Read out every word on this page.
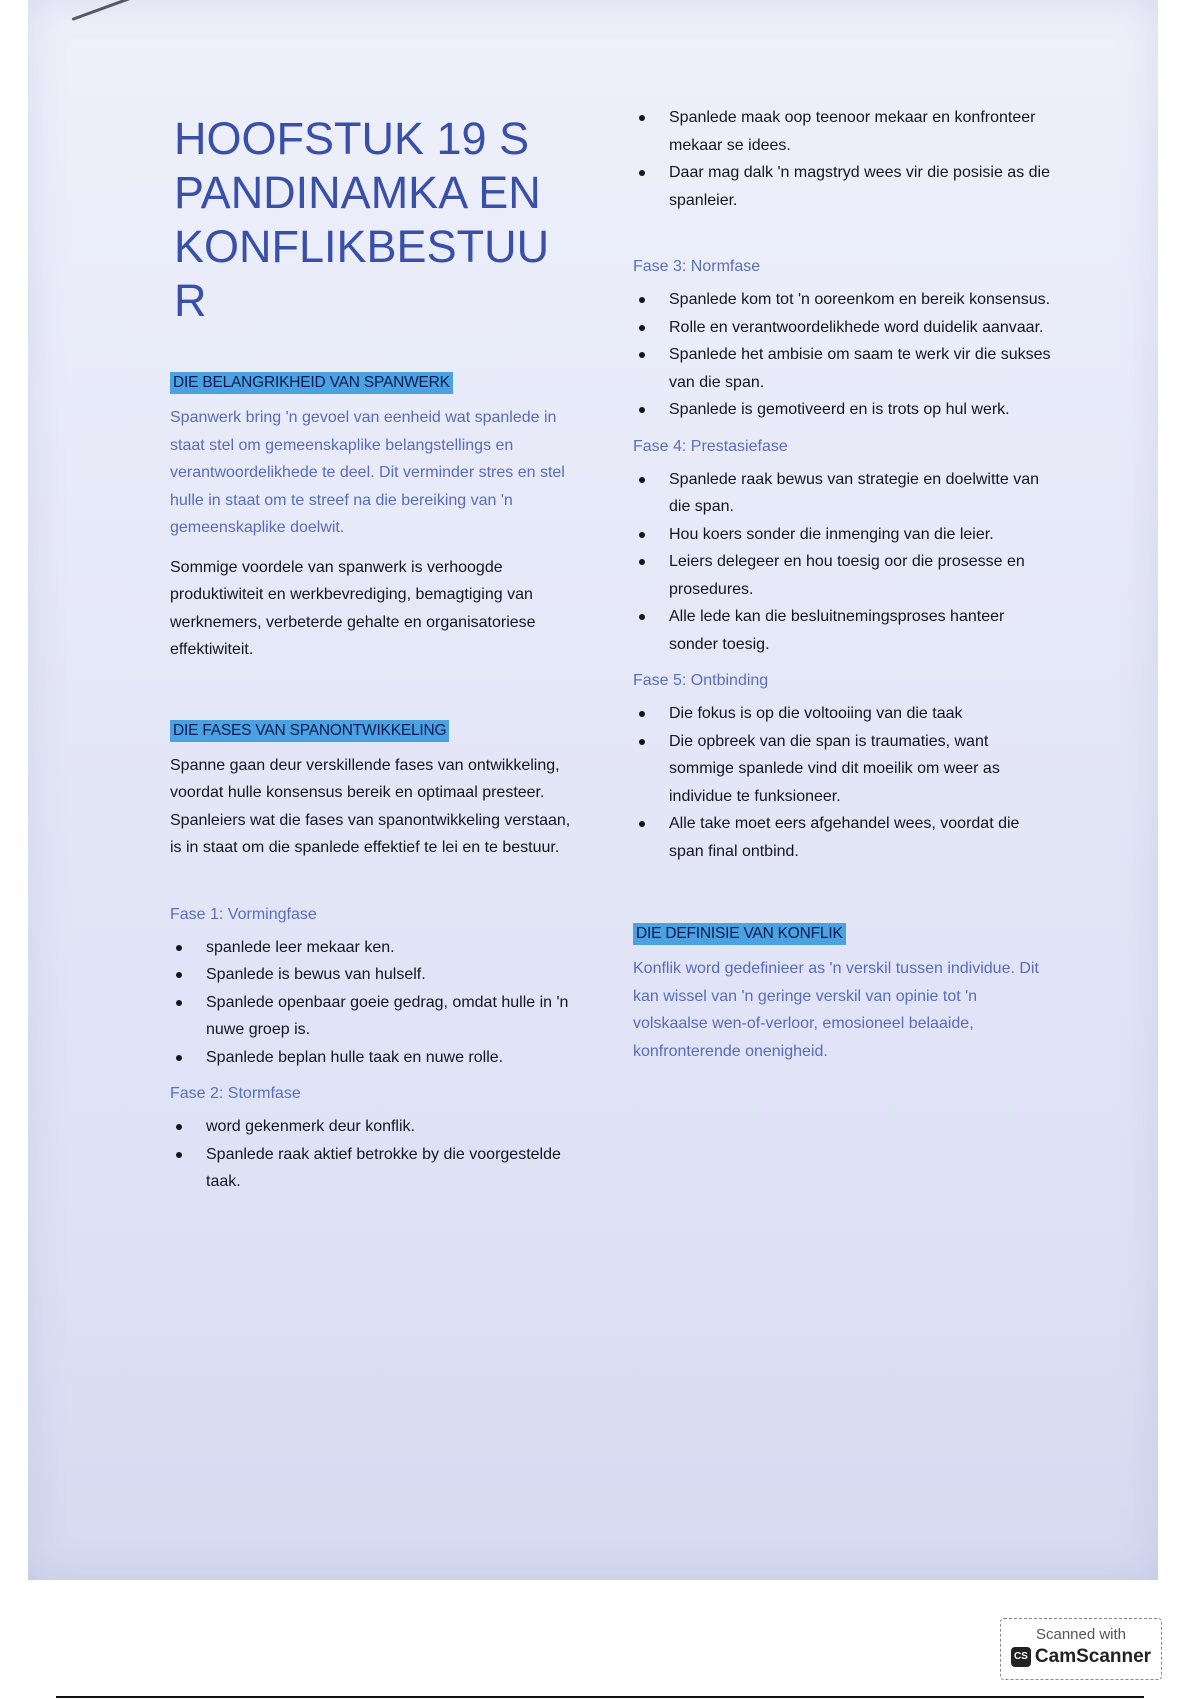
HOOFSTUK 19 SPANDINAMKA EN KONFLIKBESTUUR
DIE BELANGRIKHEID VAN SPANWERK

Spanwerk bring 'n gevoel van eenheid wat spanlede in staat stel om gemeenskaplike belangstellings en verantwoordelikhede te deel. Dit verminder stres en stel hulle in staat om te streef na die bereiking van 'n gemeenskaplike doelwit.

Sommige voordele van spanwerk is verhoogde produktiwiteit en werkbevrediging, bemagtiging van werknemers, verbeterde gehalte en organisatoriese effektiwiteit.

DIE FASES VAN SPANONTWIKKELING

Spanne gaan deur verskillende fases van ontwikkeling, voordat hulle konsensus bereik en optimaal presteer. Spanleiers wat die fases van spanontwikkeling verstaan, is in staat om die spanlede effektief te lei en te bestuur.

Fase 1: Vormingfase
spanlede leer mekaar ken.
Spanlede is bewus van hulself.
Spanlede openbaar goeie gedrag, omdat hulle in 'n nuwe groep is.
Spanlede beplan hulle taak en nuwe rolle.
Fase 2: Stormfase
word gekenmerk deur konflik.
Spanlede raak aktief betrokke by die voorgestelde taak.
Spanlede maak oop teenoor mekaar en konfronteer mekaar se idees.
Daar mag dalk 'n magstryd wees vir die posisie as die spanleier.
Fase 3: Normfase
Spanlede kom tot 'n ooreenkom en bereik konsensus.
Rolle en verantwoordelikhede word duidelik aanvaar.
Spanlede het ambisie om saam te werk vir die sukses van die span.
Spanlede is gemotiveerd en is trots op hul werk.
Fase 4: Prestasiefase
Spanlede raak bewus van strategie en doelwitte van die span.
Hou koers sonder die inmenging van die leier.
Leiers delegeer en hou toesig oor die prosesse en prosedures.
Alle lede kan die besluitnemingsproses hanteer sonder toesig.
Fase 5: Ontbinding
Die fokus is op die voltooiing van die taak
Die opbreek van die span is traumaties, want sommige spanlede vind dit moeilik om weer as individue te funksioneer.
Alle take moet eers afgehandel wees, voordat die span final ontbind.
DIE DEFINISIE VAN KONFLIK

Konflik word gedefinieer as 'n verskil tussen individue. Dit kan wissel van 'n geringe verskil van opinie tot 'n volskaalse wen-of-verloor, emosioneel belaaide, konfronterende onenigheid.

Scanned with
CS CamScanner
